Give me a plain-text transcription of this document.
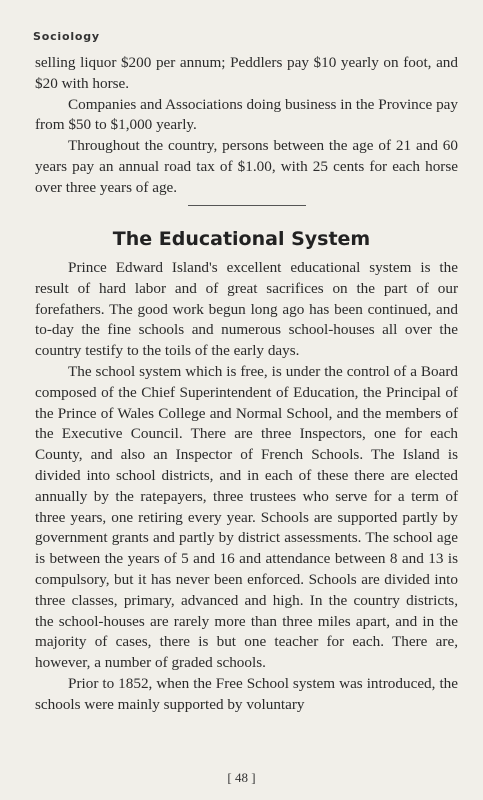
Sociology

selling liquor $200 per annum; Peddlers pay $10 yearly on foot, and $20 with horse.

Companies and Associations doing business in the Province pay from $50 to $1,000 yearly.

Throughout the country, persons between the age of 21 and 60 years pay an annual road tax of $1.00, with 25 cents for each horse over three years of age.

The Educational System

Prince Edward Island's excellent educational system is the result of hard labor and of great sacrifices on the part of our forefathers. The good work begun long ago has been continued, and to-day the fine schools and numerous school-houses all over the country testify to the toils of the early days.

The school system which is free, is under the control of a Board composed of the Chief Superintendent of Education, the Principal of the Prince of Wales College and Normal School, and the members of the Executive Council. There are three Inspectors, one for each County, and also an Inspector of French Schools. The Island is divided into school districts, and in each of these there are elected annually by the ratepayers, three trustees who serve for a term of three years, one retiring every year. Schools are supported partly by government grants and partly by district assessments. The school age is between the years of 5 and 16 and attendance between 8 and 13 is compulsory, but it has never been enforced. Schools are divided into three classes, primary, advanced and high. In the country districts, the school-houses are rarely more than three miles apart, and in the majority of cases, there is but one teacher for each. There are, however, a number of graded schools.

Prior to 1852, when the Free School system was introduced, the schools were mainly supported by voluntary

[ 48 ]
